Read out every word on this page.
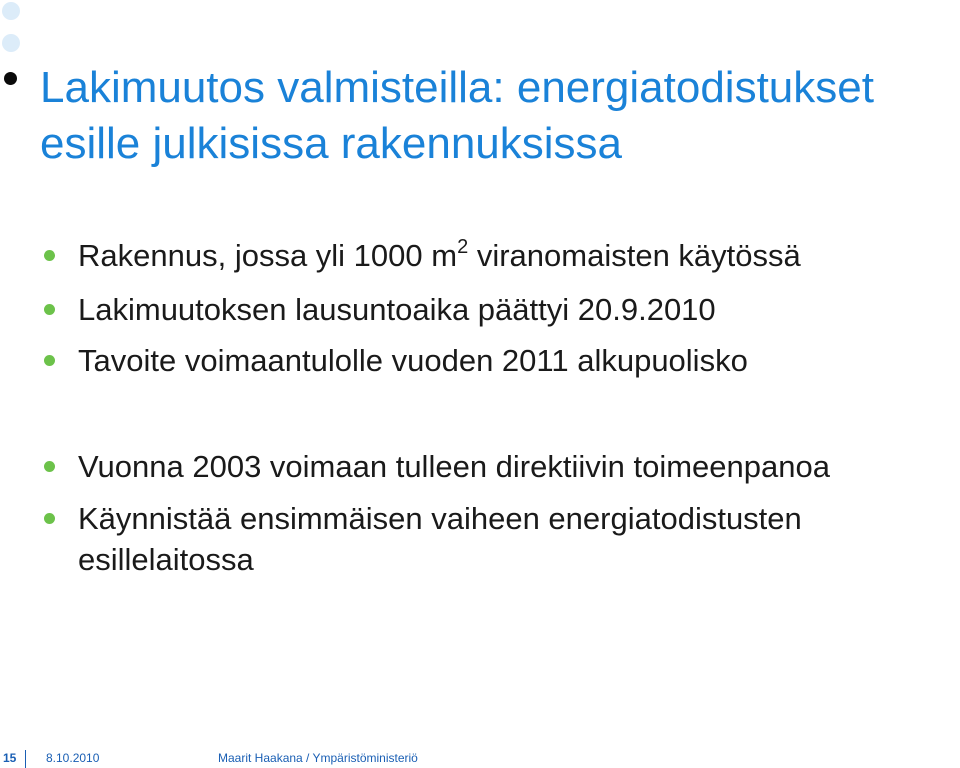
Lakimuutos valmisteilla: energiatodistukset
esille julkisissa rakennuksissa
Rakennus, jossa yli 1000 $m^2$ viranomaisten käytössä
Lakimuutoksen lausuntoaika päättyi 20.9.2010
Tavoite voimaantulolle vuoden 2011 alkupuolisko
Vuonna 2003 voimaan tulleen direktiivin toimeenpanoa
Käynnistää ensimmäisen vaiheen energiatodistusten
esillelaitossa
15 8.10.2010	Maarit Haakana / Ympäristöministeriö
